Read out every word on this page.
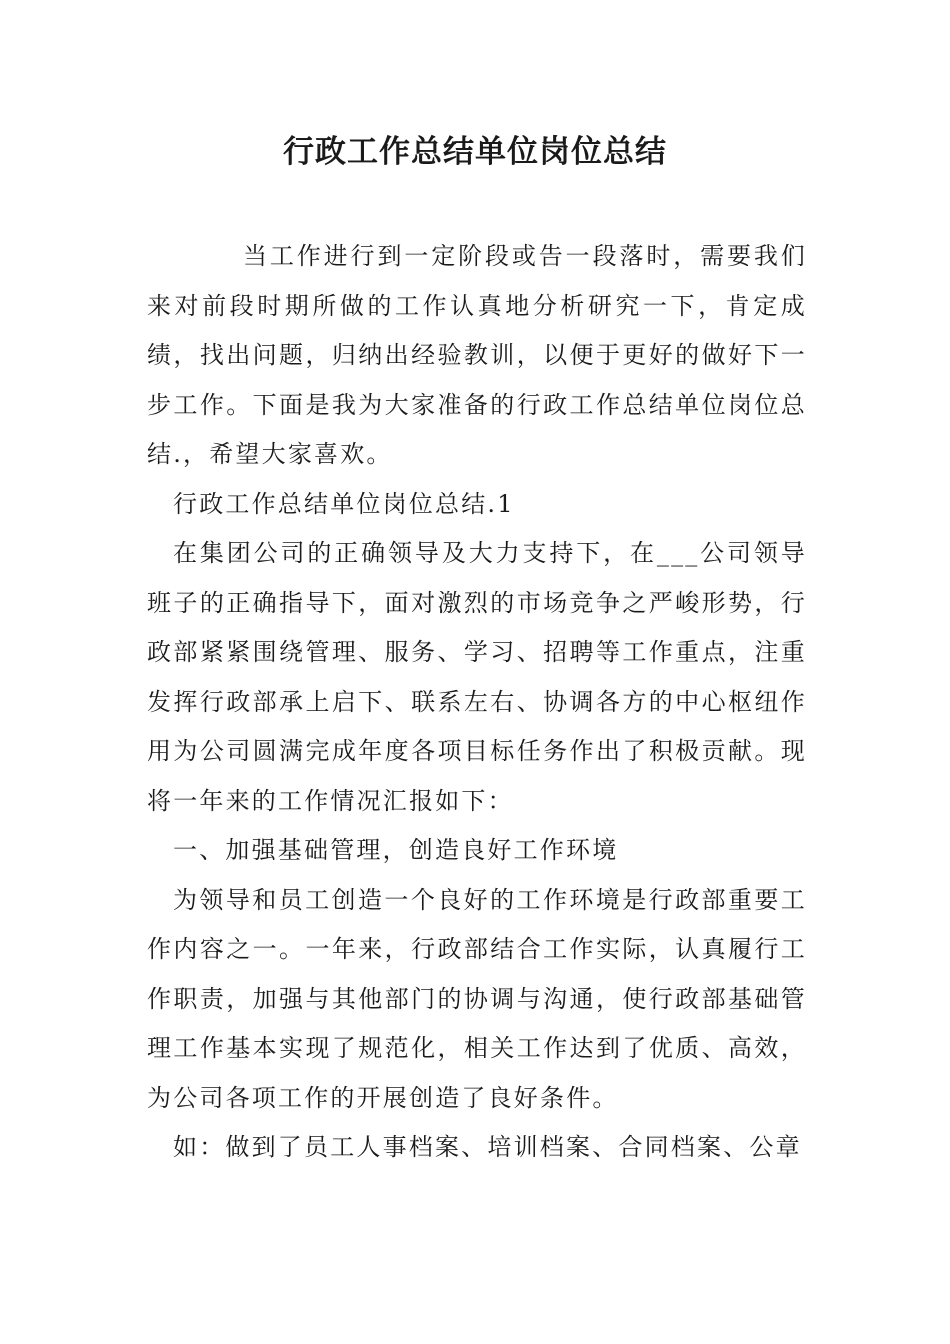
行政工作总结单位岗位总结

当工作进行到一定阶段或告一段落时，需要我们来对前段时期所做的工作认真地分析研究一下，肯定成绩，找出问题，归纳出经验教训，以便于更好的做好下一步工作。下面是我为大家准备的行政工作总结单位岗位总结.，希望大家喜欢。

行政工作总结单位岗位总结.1

在集团公司的正确领导及大力支持下，在___公司领导班子的正确指导下，面对激烈的市场竞争之严峻形势，行政部紧紧围绕管理、服务、学习、招聘等工作重点，注重发挥行政部承上启下、联系左右、协调各方的中心枢纽作用为公司圆满完成年度各项目标任务作出了积极贡献。现将一年来的工作情况汇报如下：

一、加强基础管理，创造良好工作环境

为领导和员工创造一个良好的工作环境是行政部重要工作内容之一。一年来，行政部结合工作实际，认真履行工作职责，加强与其他部门的协调与沟通，使行政部基础管理工作基本实现了规范化，相关工作达到了优质、高效，为公司各项工作的开展创造了良好条件。

如：做到了员工人事档案、培训档案、合同档案、公章
